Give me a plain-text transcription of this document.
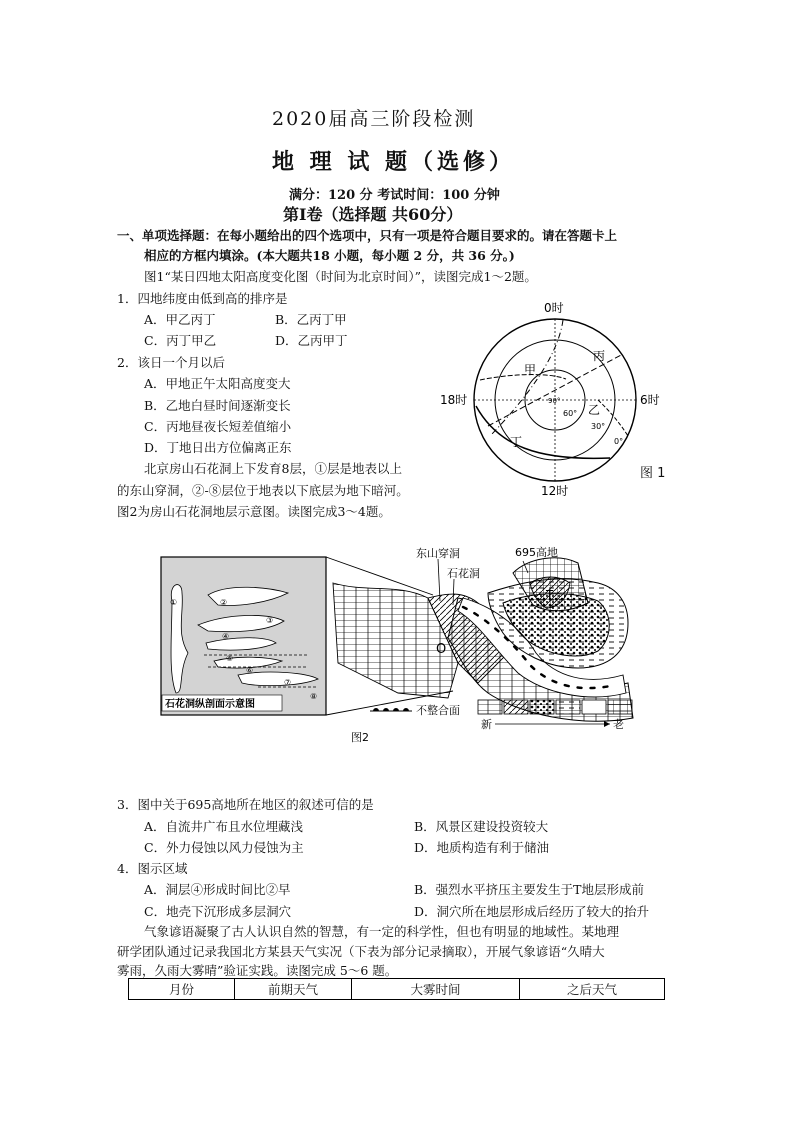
2020届高三阶段检测
地 理 试 题（选修）
满分：120 分 考试时间：100 分钟
第Ⅰ卷（选择题 共60分）
一、单项选择题：在每小题给出的四个选项中，只有一项是符合题目要求的。请在答题卡上
相应的方框内填涂。(本大题共18 小题，每小题 2 分，共 36 分。)
图1“某日四地太阳高度变化图（时间为北京时间）”，读图完成1～2题。
1．四地纬度由低到高的排序是
A．甲乙丙丁	B．乙丙丁甲
C．丙丁甲乙	D．乙丙甲丁
2．该日一个月以后
A．甲地正午太阳高度变大
B．乙地白昼时间逐渐变长
C．丙地昼夜长短差值缩小
D．丁地日出方位偏离正东
北京房山石花洞上下发育8层，①层是地表以上
的东山穿洞，②-⑧层位于地表以下底层为地下暗河。
图2为房山石花洞地层示意图。读图完成3～4题。
0时
12时
18时	6时
甲
乙
丙
丁
90°
60°
30°
0°
图 1
①	②
③
④
⑤
⑥
⑦
⑧
石花洞纵剖面示意图
东山穿洞
石花洞
695高地
T
O
不整合面
新	老
图2
3．图中关于695高地所在地区的叙述可信的是
A．自流井广布且水位埋藏浅	B．风景区建设投资较大
C．外力侵蚀以风力侵蚀为主	D．地质构造有利于储油
4．图示区域
A．洞层④形成时间比②早	B．强烈水平挤压主要发生于T地层形成前
C．地壳下沉形成多层洞穴	D．洞穴所在地层形成后经历了较大的抬升
气象谚语凝聚了古人认识自然的智慧，有一定的科学性，但也有明显的地域性。某地理
研学团队通过记录我国北方某县天气实况（下表为部分记录摘取），开展气象谚语“久晴大
雾雨，久雨大雾晴”验证实践。读图完成 5～6 题。
月份	前期天气	大雾时间	之后天气
